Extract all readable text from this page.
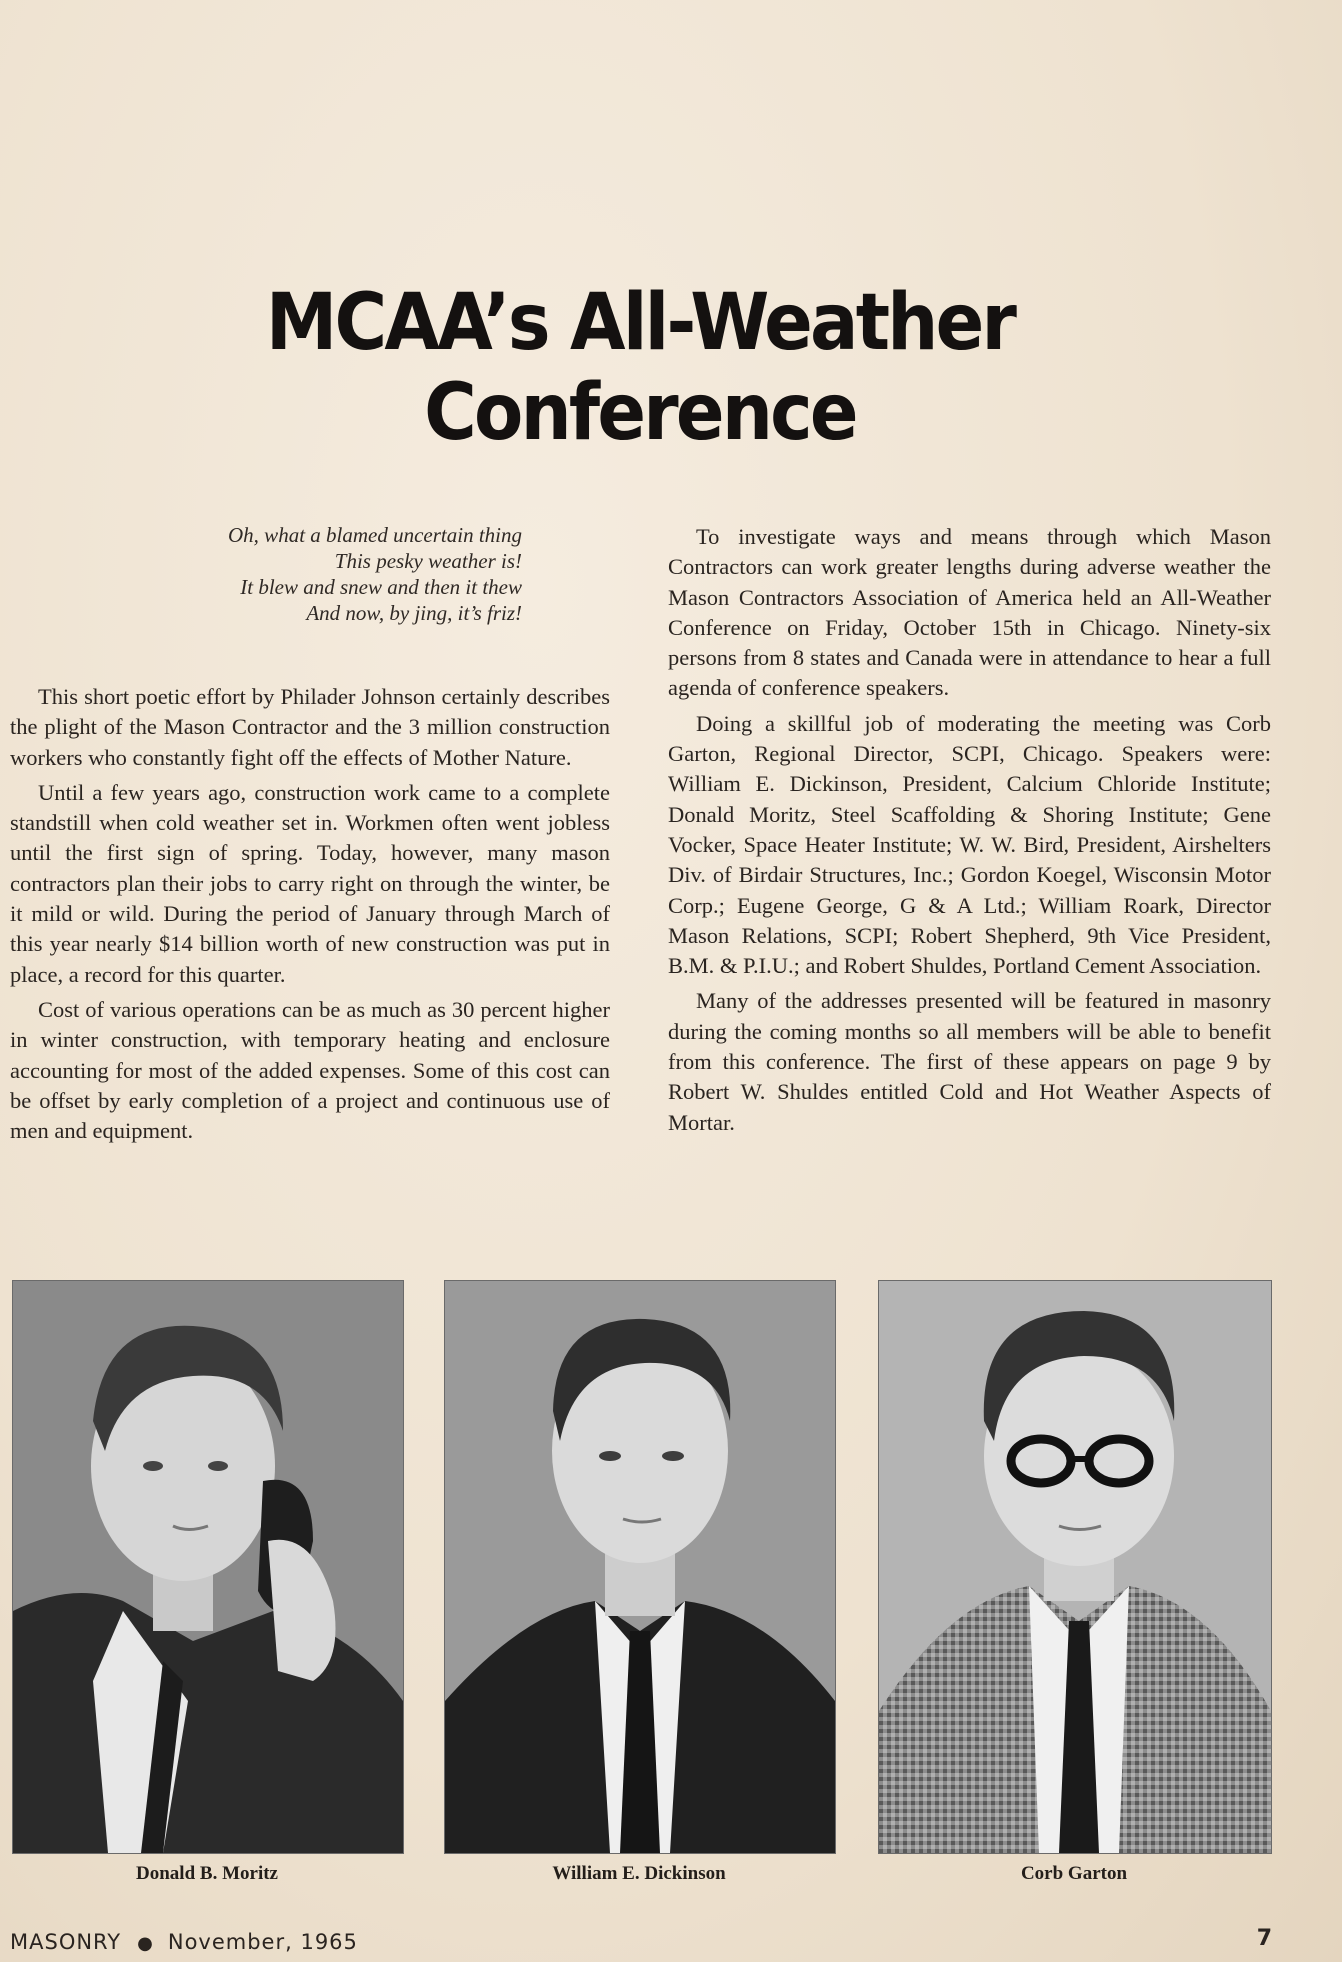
MCAA’s All-Weather Conference
Oh, what a blamed uncertain thing
This pesky weather is!
It blew and snew and then it thew
And now, by jing, it’s friz!

This short poetic effort by Philader Johnson certainly describes the plight of the Mason Contractor and the 3 million construction workers who constantly fight off the effects of Mother Nature.

Until a few years ago, construction work came to a complete standstill when cold weather set in. Workmen often went jobless until the first sign of spring. Today, however, many mason contractors plan their jobs to carry right on through the winter, be it mild or wild. During the period of January through March of this year nearly $14 billion worth of new construction was put in place, a record for this quarter.

Cost of various operations can be as much as 30 percent higher in winter construction, with temporary heating and enclosure accounting for most of the added expenses. Some of this cost can be offset by early completion of a project and continuous use of men and equipment.

To investigate ways and means through which Mason Contractors can work greater lengths during adverse weather the Mason Contractors Association of America held an All-Weather Conference on Friday, October 15th in Chicago. Ninety-six persons from 8 states and Canada were in attendance to hear a full agenda of conference speakers.

Doing a skillful job of moderating the meeting was Corb Garton, Regional Director, SCPI, Chicago. Speakers were: William E. Dickinson, President, Calcium Chloride Institute; Donald Moritz, Steel Scaffolding & Shoring Institute; Gene Vocker, Space Heater Institute; W. W. Bird, President, Airshelters Div. of Birdair Structures, Inc.; Gordon Koegel, Wisconsin Motor Corp.; Eugene George, G & A Ltd.; William Roark, Director Mason Relations, SCPI; Robert Shepherd, 9th Vice President, B.M. & P.I.U.; and Robert Shuldes, Portland Cement Association.

Many of the addresses presented will be featured in masonry during the coming months so all members will be able to benefit from this conference. The first of these appears on page 9 by Robert W. Shuldes entitled Cold and Hot Weather Aspects of Mortar.

Donald B. Moritz	William E. Dickinson	Corb Garton
MASONRY ● November, 1965	7
